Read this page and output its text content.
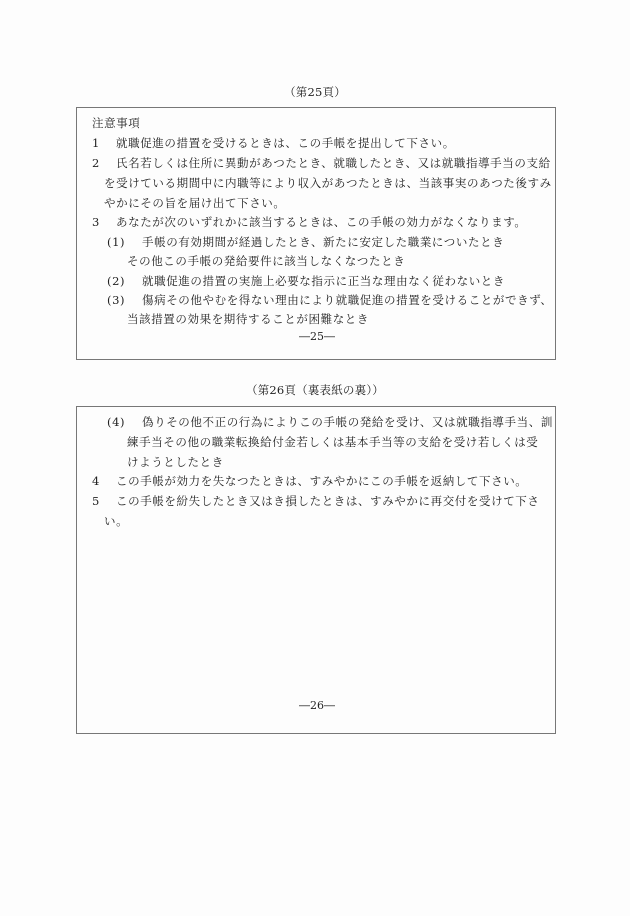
（第25頁）
注意事項
1 就職促進の措置を受けるときは、この手帳を提出して下さい。
2 氏名若しくは住所に異動があつたとき、就職したとき、又は就職指導手当の支給
を受けている期間中に内職等により収入があつたときは、当該事実のあつた後すみ
やかにその旨を届け出て下さい。
3 あなたが次のいずれかに該当するときは、この手帳の効力がなくなります。
(1) 手帳の有効期間が経過したとき、新たに安定した職業についたとき
その他この手帳の発給要件に該当しなくなつたとき
(2) 就職促進の措置の実施上必要な指示に正当な理由なく従わないとき
(3) 傷病その他やむを得ない理由により就職促進の措置を受けることができず、
当該措置の効果を期待することが困難なとき
―25―
（第26頁（裏表紙の裏））
(4) 偽りその他不正の行為によりこの手帳の発給を受け、又は就職指導手当、訓
練手当その他の職業転換給付金若しくは基本手当等の支給を受け若しくは受
けようとしたとき
4 この手帳が効力を失なつたときは、すみやかにこの手帳を返納して下さい。
5 この手帳を紛失したとき又はき損したときは、すみやかに再交付を受けて下さ
い。
―26―
